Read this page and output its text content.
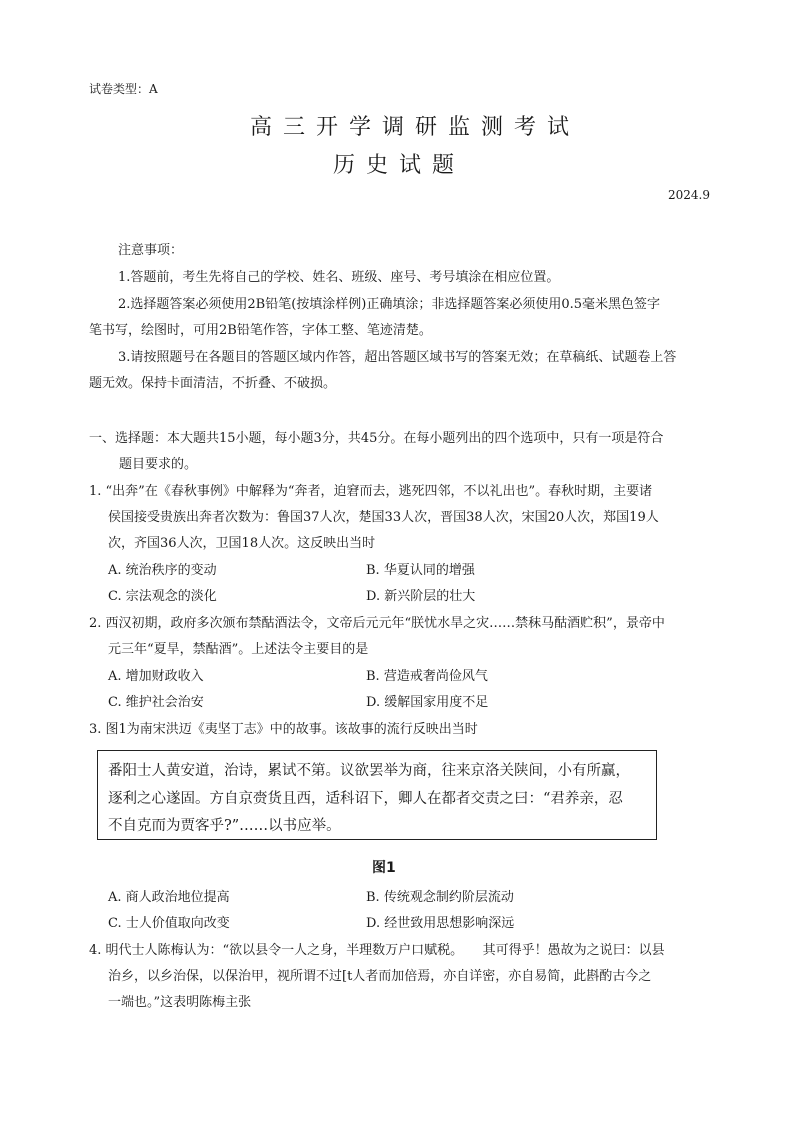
试卷类型：A
高三开学调研监测考试
历史试题
2024.9
注意事项：
1.答题前，考生先将自己的学校、姓名、班级、座号、考号填涂在相应位置。
2.选择题答案必须使用2B铅笔(按填涂样例)正确填涂；非选择题答案必须使用0.5毫米黑色签字
笔书写，绘图时，可用2B铅笔作答，字体工整、笔迹清楚。
3.请按照题号在各题目的答题区域内作答，超出答题区域书写的答案无效；在草稿纸、试题卷上答
题无效。保持卡面清洁，不折叠、不破损。
一、选择题：本大题共15小题，每小题3分，共45分。在每小题列出的四个选项中，只有一项是符合
题目要求的。
1. “出奔”在《春秋事例》中解释为“奔者，迫窘而去，逃死四邻，不以礼出也”。春秋时期，主要诸
侯国接受贵族出奔者次数为：鲁国37人次，楚国33人次，晋国38人次，宋国20人次，郑国19人
次，齐国36人次，卫国18人次。这反映出当时
A. 统治秩序的变动	B. 华夏认同的增强
C. 宗法观念的淡化	D. 新兴阶层的壮大
2. 西汉初期，政府多次颁布禁酤酒法令，文帝后元元年“朕忧水旱之灾……禁秣马酤酒贮积”，景帝中
元三年“夏旱，禁酤酒”。上述法令主要目的是
A. 增加财政收入	B. 营造戒奢尚俭风气
C. 维护社会治安	D. 缓解国家用度不足
3. 图1为南宋洪迈《夷坚丁志》中的故事。该故事的流行反映出当时
番阳士人黄安道，治诗，累试不第。议欲罢举为商，往来京洛关陕间，小有所赢，
逐利之心遂固。方自京赍货且西，适科诏下，卿人在都者交责之曰：“君养亲，忍
不自克而为贾客乎?”……以书应举。
图1
A. 商人政治地位提高	B. 传统观念制约阶层流动
C. 士人价值取向改变	D. 经世致用思想影响深远
4. 明代士人陈梅认为：“欲以县令一人之身，半理数万户口赋税。　　其可得乎！愚故为之说曰：以县
治乡，以乡治保，以保治甲，视所谓不过[t人者而加倍焉，亦自详密，亦自易简，此斟酌古今之
一端也。”这表明陈梅主张
